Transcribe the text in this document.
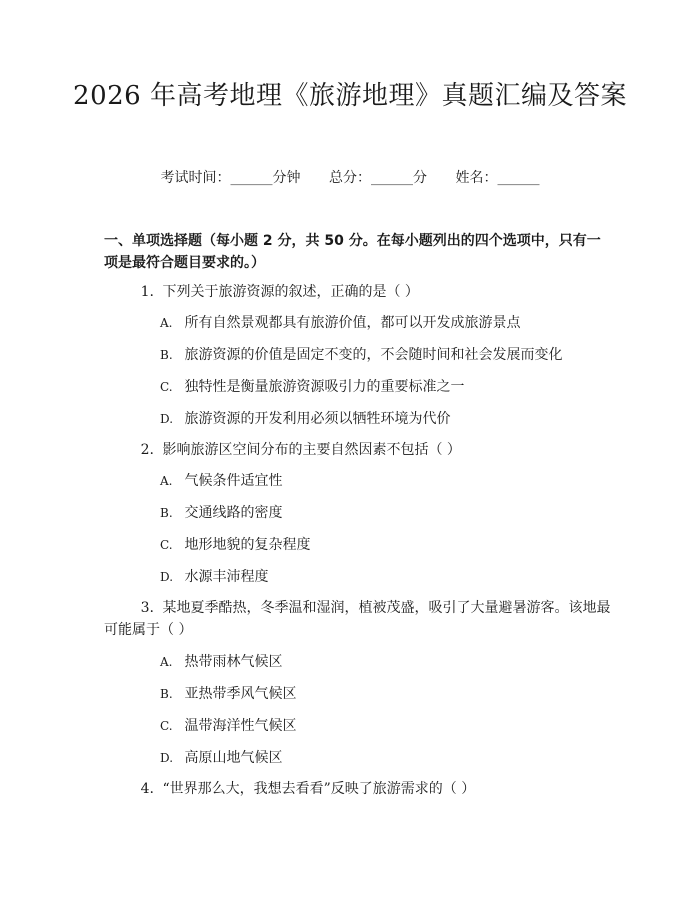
2026 年高考地理《旅游地理》真题汇编及答案
考试时间：______分钟 总分：______分 姓名：______
一、单项选择题（每小题 2 分，共 50 分。在每小题列出的四个选项中，只有一项是最符合题目要求的。）
1. 下列关于旅游资源的叙述，正确的是（ ）
A. 所有自然景观都具有旅游价值，都可以开发成旅游景点
B. 旅游资源的价值是固定不变的，不会随时间和社会发展而变化
C. 独特性是衡量旅游资源吸引力的重要标准之一
D. 旅游资源的开发利用必须以牺牲环境为代价
2. 影响旅游区空间分布的主要自然因素不包括（ ）
A. 气候条件适宜性
B. 交通线路的密度
C. 地形地貌的复杂程度
D. 水源丰沛程度
3. 某地夏季酷热，冬季温和湿润，植被茂盛，吸引了大量避暑游客。该地最可能属于（ ）
A. 热带雨林气候区
B. 亚热带季风气候区
C. 温带海洋性气候区
D. 高原山地气候区
4. “世界那么大，我想去看看”反映了旅游需求的（ ）
